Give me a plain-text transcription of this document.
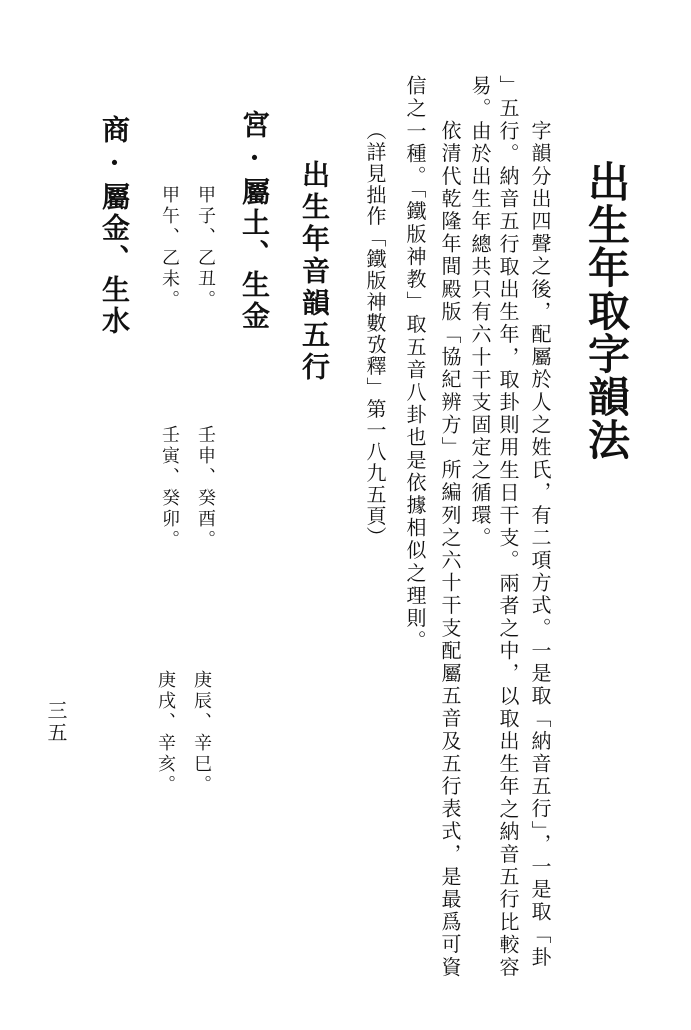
出生年取字韻法

字韻分出四聲之後，配屬於人之姓氏，有二項方式。一是取「納音五行」，一是取「卦

」五行。納音五行取出生年，取卦則用生日干支。兩者之中，以取出生年之納音五行比較容

易。由於出生年總共只有六十干支固定之循環。

依清代乾隆年間殿版「協紀辨方」所編列之六十干支配屬五音及五行表式，是最爲可資

信之一種。「鐵版神教」取五音八卦也是依據相似之理則。

（詳見拙作「鐵版神數攷釋」第一八九五頁）

出生年音韻五行
宮·屬土、生金
甲子、乙丑。
甲午、乙未。
壬申、癸酉。
壬寅、癸卯。
庚辰、辛巳。
庚戌、辛亥。
商·屬金、生水
三五
